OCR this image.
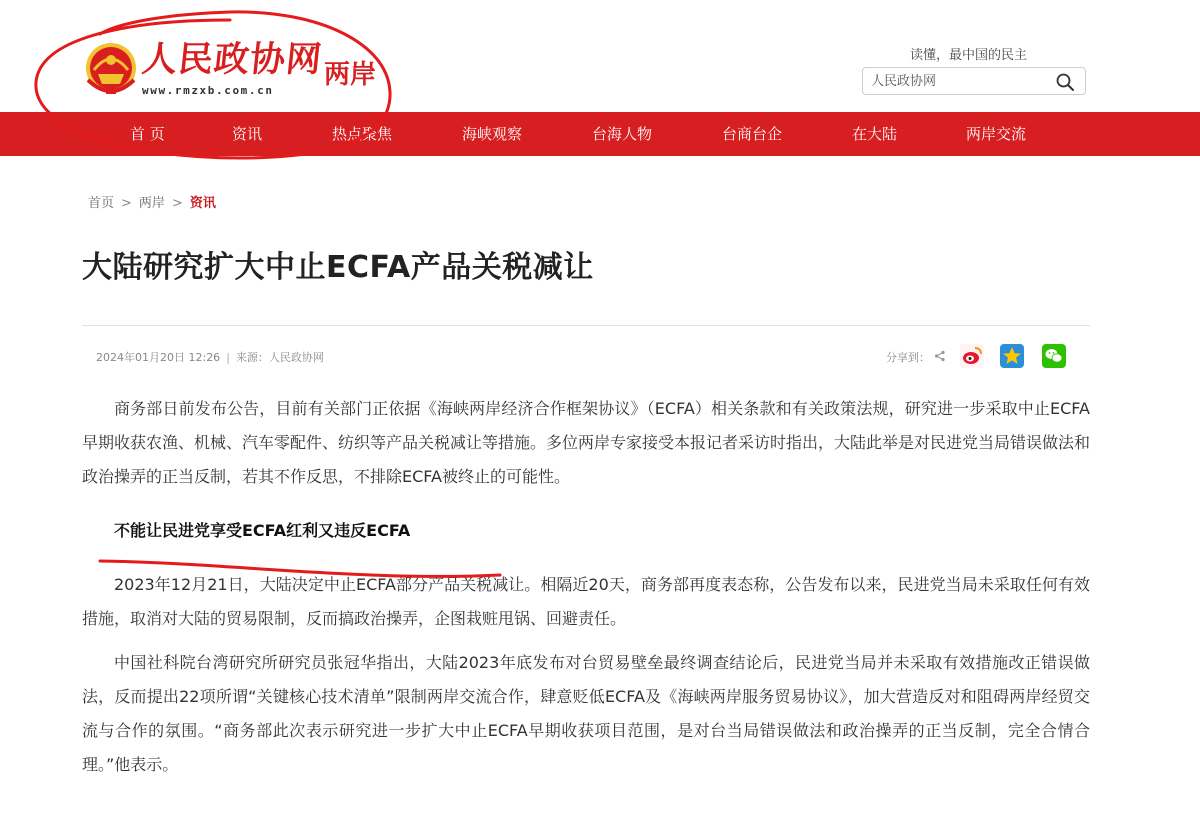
人民政协网
www.rmzxb.com.cn
两岸
读懂，最中国的民主
人民政协网
首 页	资讯	热点聚焦	海峡观察	台海人物	台商台企	在大陆	两岸交流
首页 > 两岸 > 资讯
大陆研究扩大中止ECFA产品关税减让
2024年01月20日 12:26 | 来源：人民政协网	分享到：

商务部日前发布公告，目前有关部门正依据《海峡两岸经济合作框架协议》（ECFA）相关条款和有关政策法规，研究进一步采取中止ECFA早期收获农渔、机械、汽车零配件、纺织等产品关税减让等措施。多位两岸专家接受本报记者采访时指出，大陆此举是对民进党当局错误做法和政治操弄的正当反制，若其不作反思，不排除ECFA被终止的可能性。

不能让民进党享受ECFA红利又违反ECFA

2023年12月21日，大陆决定中止ECFA部分产品关税减让。相隔近20天，商务部再度表态称，公告发布以来，民进党当局未采取任何有效措施，取消对大陆的贸易限制，反而搞政治操弄，企图栽赃甩锅、回避责任。

中国社科院台湾研究所研究员张冠华指出，大陆2023年底发布对台贸易壁垒最终调查结论后，民进党当局并未采取有效措施改正错误做法，反而提出22项所谓“关键核心技术清单”限制两岸交流合作，肆意贬低ECFA及《海峡两岸服务贸易协议》，加大营造反对和阻碍两岸经贸交流与合作的氛围。“商务部此次表示研究进一步扩大中止ECFA早期收获项目范围，是对台当局错误做法和政治操弄的正当反制，完全合情合理。”他表示。
